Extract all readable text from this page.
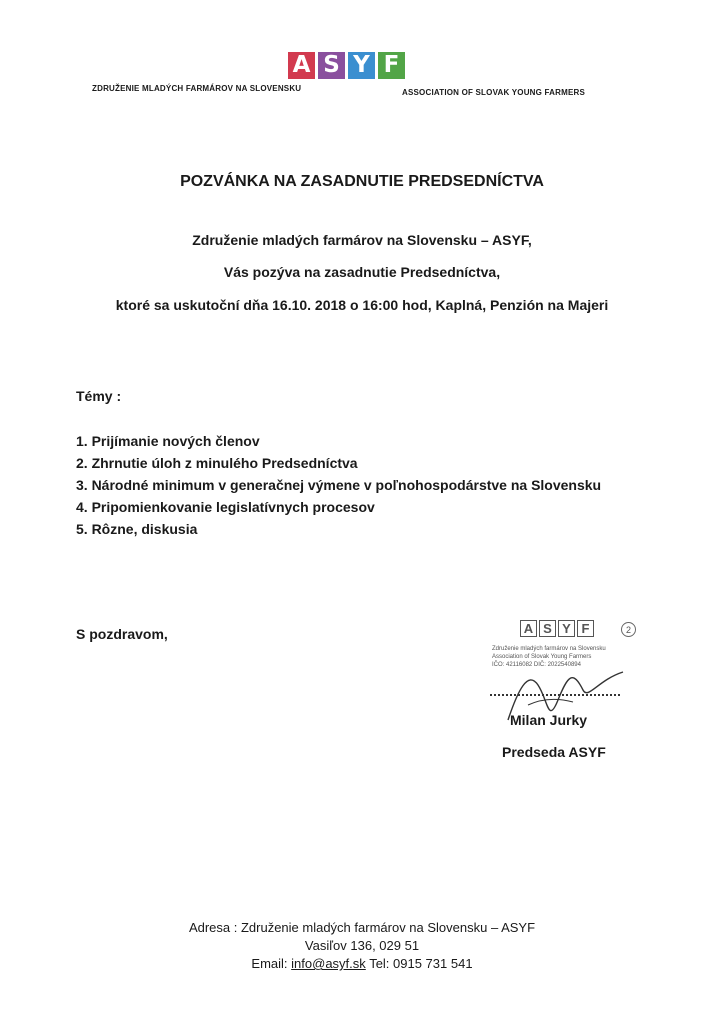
A S Y F
ZDRUŽENIE MLADÝCH FARMÁROV NA SLOVENSKU	ASSOCIATION OF SLOVAK YOUNG FARMERS
POZVÁNKA NA ZASADNUTIE PREDSEDNÍCTVA
Združenie mladých farmárov na Slovensku – ASYF,
Vás pozýva na zasadnutie Predsedníctva,
ktoré sa uskutoční dňa 16.10. 2018 o 16:00 hod, Kaplná, Penzión na Majeri
Témy :
1. Prijímanie nových členov
2. Zhrnutie úloh z minulého Predsedníctva
3. Národné minimum v generačnej výmene v poľnohospodárstve na Slovensku
4. Pripomienkovanie legislatívnych procesov
5. Rôzne, diskusia
S pozdravom,	A S Y F	2
Združenie mladých farmárov na Slovensku
Association of Slovak Young Farmers
IČO: 42116082 DIČ: 2022540894
Milan Jurky
Predseda ASYF
Adresa : Združenie mladých farmárov na Slovensku – ASYF
Vasiľov 136, 029 51
Email: info@asyf.sk Tel: 0915 731 541
